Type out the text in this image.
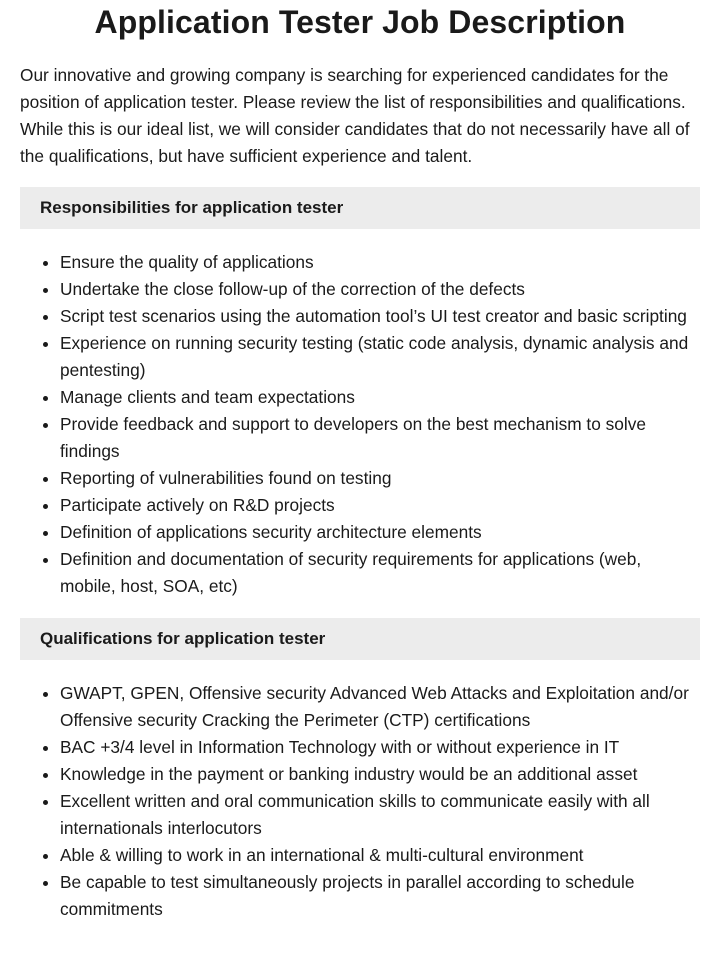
Application Tester Job Description

Our innovative and growing company is searching for experienced candidates for the position of application tester. Please review the list of responsibilities and qualifications. While this is our ideal list, we will consider candidates that do not necessarily have all of the qualifications, but have sufficient experience and talent.

Responsibilities for application tester
• Ensure the quality of applications
• Undertake the close follow-up of the correction of the defects
• Script test scenarios using the automation tool’s UI test creator and basic scripting
• Experience on running security testing (static code analysis, dynamic analysis and pentesting)
• Manage clients and team expectations
• Provide feedback and support to developers on the best mechanism to solve findings
• Reporting of vulnerabilities found on testing
• Participate actively on R&D projects
• Definition of applications security architecture elements
• Definition and documentation of security requirements for applications (web, mobile, host, SOA, etc)
Qualifications for application tester
• GWAPT, GPEN, Offensive security Advanced Web Attacks and Exploitation and/or Offensive security Cracking the Perimeter (CTP) certifications
• BAC +3/4 level in Information Technology with or without experience in IT
• Knowledge in the payment or banking industry would be an additional asset
• Excellent written and oral communication skills to communicate easily with all internationals interlocutors
• Able & willing to work in an international & multi-cultural environment
• Be capable to test simultaneously projects in parallel according to schedule commitments
